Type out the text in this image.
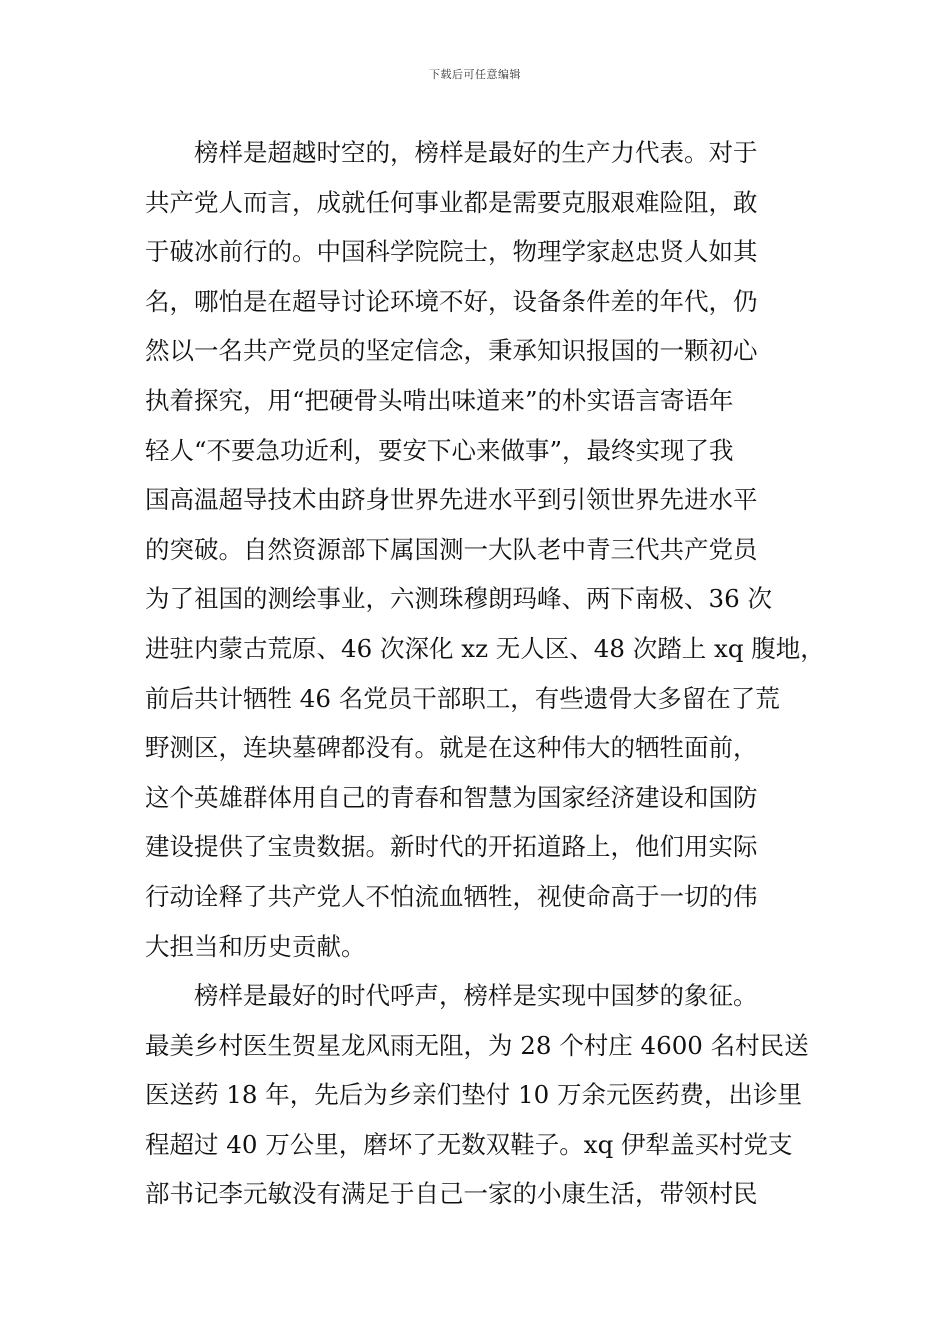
下载后可任意编辑
榜样是超越时空的，榜样是最好的生产力代表。对于
共产党人而言，成就任何事业都是需要克服艰难险阻，敢
于破冰前行的。中国科学院院士，物理学家赵忠贤人如其
名，哪怕是在超导讨论环境不好，设备条件差的年代，仍
然以一名共产党员的坚定信念，秉承知识报国的一颗初心
执着探究，用“把硬骨头啃出味道来”的朴实语言寄语年
轻人“不要急功近利，要安下心来做事”，最终实现了我
国高温超导技术由跻身世界先进水平到引领世界先进水平
的突破。自然资源部下属国测一大队老中青三代共产党员
为了祖国的测绘事业，六测珠穆朗玛峰、两下南极、36 次
进驻内蒙古荒原、46 次深化 xz 无人区、48 次踏上 xq 腹地，
前后共计牺牲 46 名党员干部职工，有些遗骨大多留在了荒
野测区，连块墓碑都没有。就是在这种伟大的牺牲面前，
这个英雄群体用自己的青春和智慧为国家经济建设和国防
建设提供了宝贵数据。新时代的开拓道路上，他们用实际
行动诠释了共产党人不怕流血牺牲，视使命高于一切的伟
大担当和历史贡献。
榜样是最好的时代呼声，榜样是实现中国梦的象征。
最美乡村医生贺星龙风雨无阻，为 28 个村庄 4600 名村民送
医送药 18 年，先后为乡亲们垫付 10 万余元医药费，出诊里
程超过 40 万公里，磨坏了无数双鞋子。xq 伊犁盖买村党支
部书记李元敏没有满足于自己一家的小康生活，带领村民
